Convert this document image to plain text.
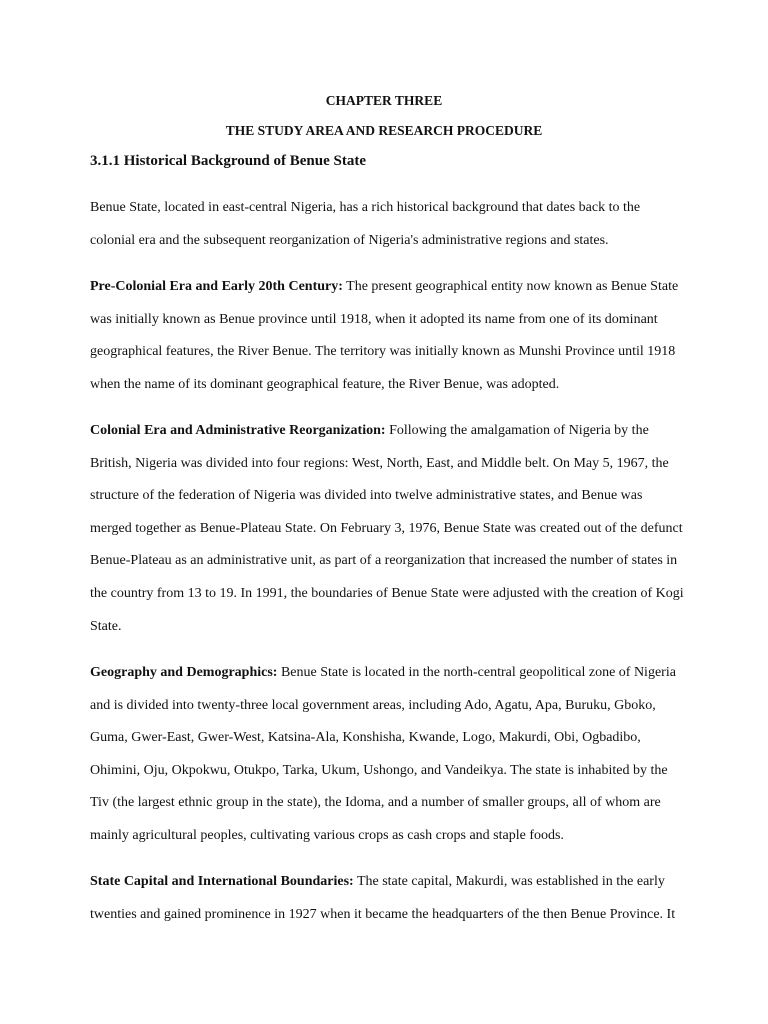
CHAPTER THREE
THE STUDY AREA AND RESEARCH PROCEDURE
3.1.1 Historical Background of Benue State

Benue State, located in east-central Nigeria, has a rich historical background that dates back to the
colonial era and the subsequent reorganization of Nigeria's administrative regions and states.

Pre-Colonial Era and Early 20th Century: The present geographical entity now known as Benue State
was initially known as Benue province until 1918, when it adopted its name from one of its dominant
geographical features, the River Benue. The territory was initially known as Munshi Province until 1918
when the name of its dominant geographical feature, the River Benue, was adopted.

Colonial Era and Administrative Reorganization: Following the amalgamation of Nigeria by the
British, Nigeria was divided into four regions: West, North, East, and Middle belt. On May 5, 1967, the
structure of the federation of Nigeria was divided into twelve administrative states, and Benue was
merged together as Benue-Plateau State. On February 3, 1976, Benue State was created out of the defunct
Benue-Plateau as an administrative unit, as part of a reorganization that increased the number of states in
the country from 13 to 19. In 1991, the boundaries of Benue State were adjusted with the creation of Kogi
State.

Geography and Demographics: Benue State is located in the north-central geopolitical zone of Nigeria
and is divided into twenty-three local government areas, including Ado, Agatu, Apa, Buruku, Gboko,
Guma, Gwer-East, Gwer-West, Katsina-Ala, Konshisha, Kwande, Logo, Makurdi, Obi, Ogbadibo,
Ohimini, Oju, Okpokwu, Otukpo, Tarka, Ukum, Ushongo, and Vandeikya. The state is inhabited by the
Tiv (the largest ethnic group in the state), the Idoma, and a number of smaller groups, all of whom are
mainly agricultural peoples, cultivating various crops as cash crops and staple foods.

State Capital and International Boundaries: The state capital, Makurdi, was established in the early
twenties and gained prominence in 1927 when it became the headquarters of the then Benue Province. It
